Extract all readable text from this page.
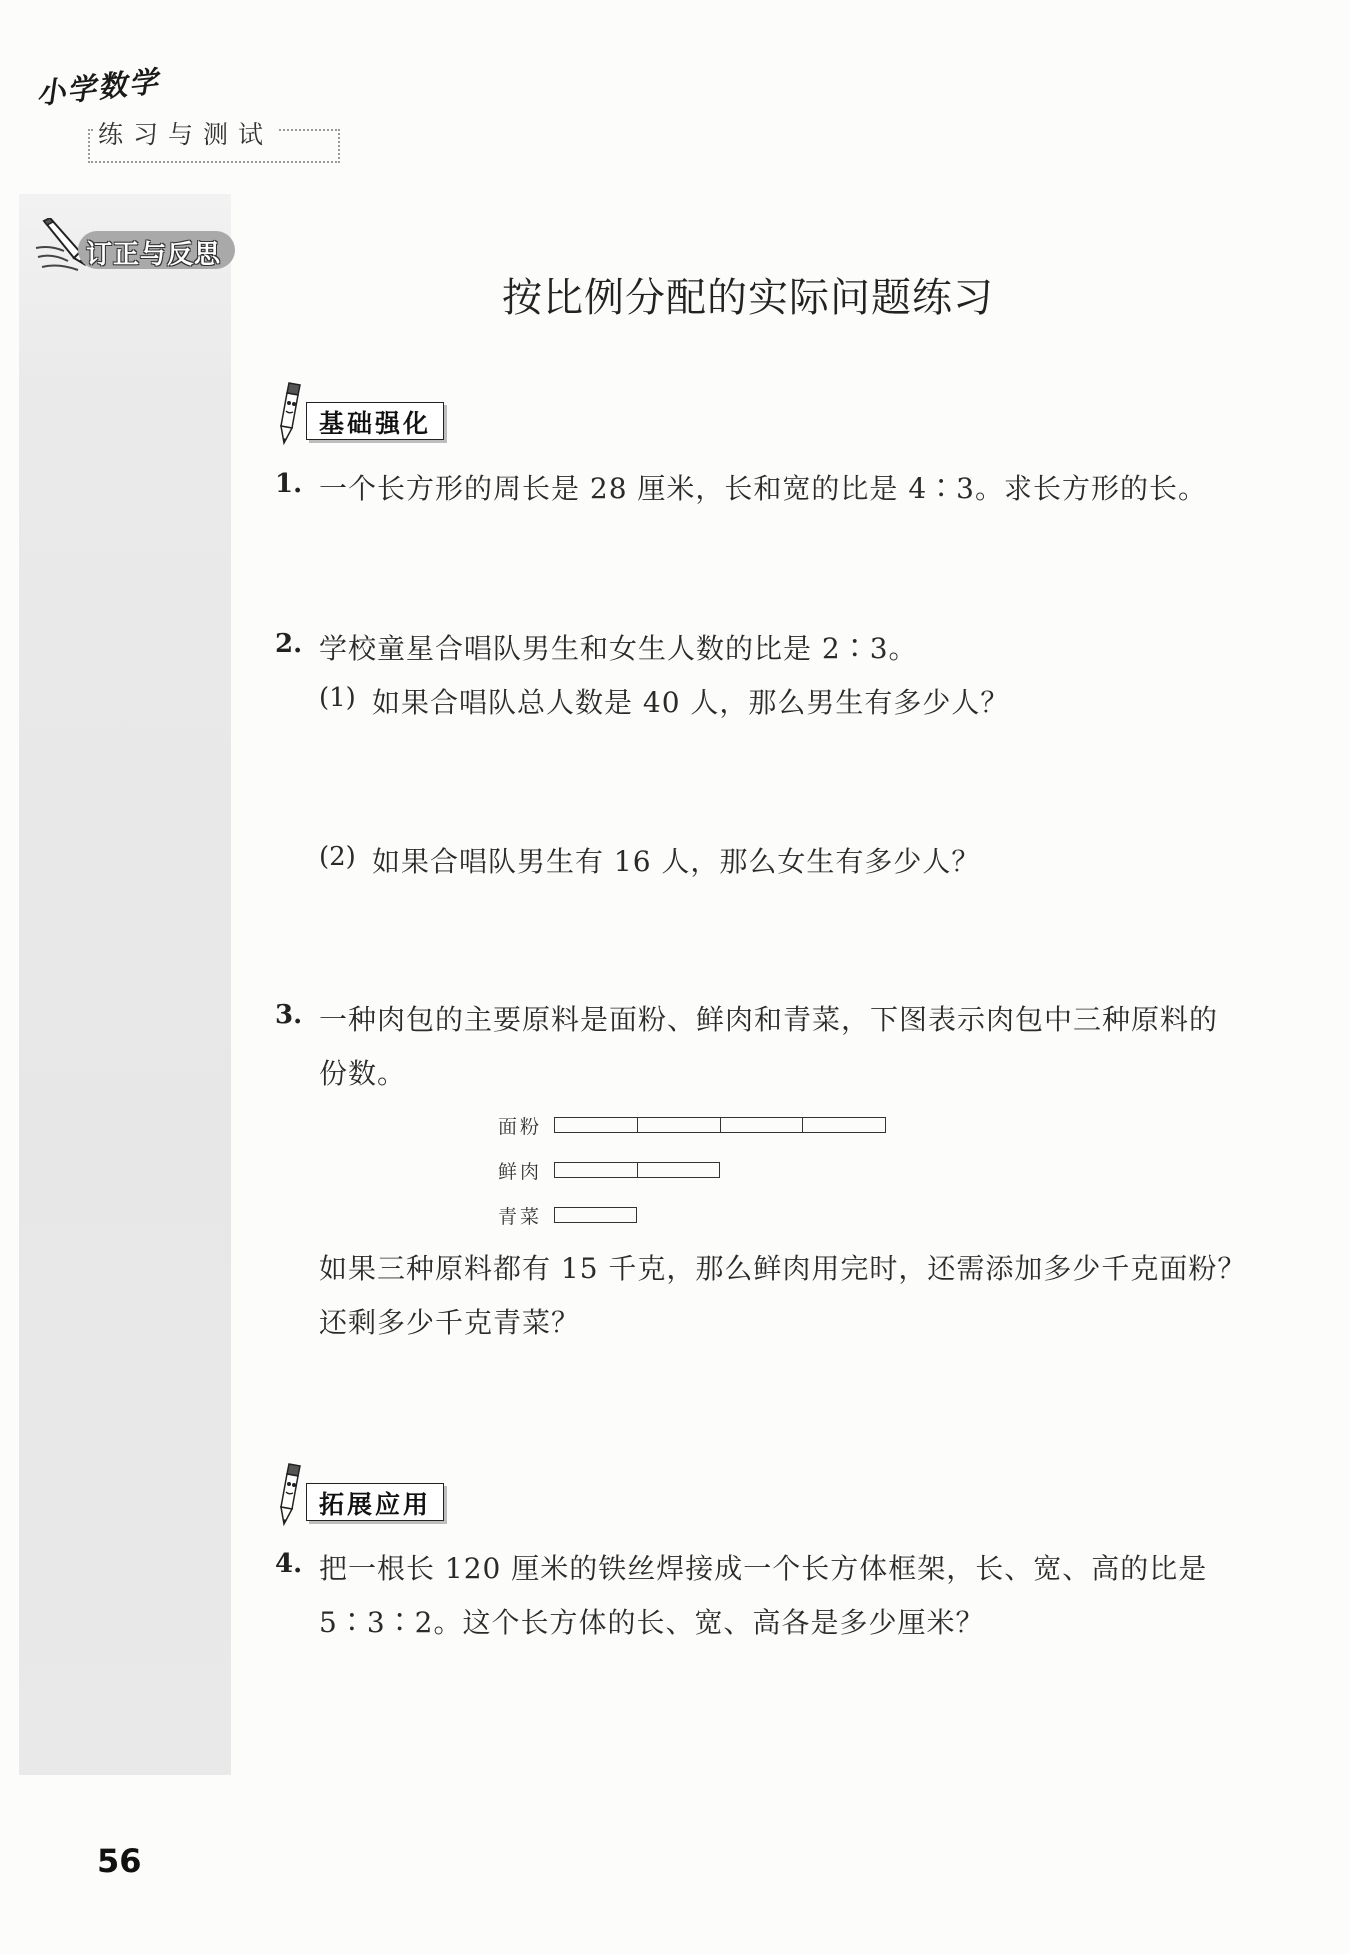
小学数学
练习与测试
订正与反思
按比例分配的实际问题练习
基础强化
1. 一个长方形的周长是 28 厘米，长和宽的比是 4∶3。求长方形的长。
2. 学校童星合唱队男生和女生人数的比是 2∶3。
(1) 如果合唱队总人数是 40 人，那么男生有多少人？
(2) 如果合唱队男生有 16 人，那么女生有多少人？
3. 一种肉包的主要原料是面粉、鲜肉和青菜，下图表示肉包中三种原料的
份数。
面粉
鲜肉
青菜
如果三种原料都有 15 千克，那么鲜肉用完时，还需添加多少千克面粉？
还剩多少千克青菜？
拓展应用
4. 把一根长 120 厘米的铁丝焊接成一个长方体框架，长、宽、高的比是
5∶3∶2。这个长方体的长、宽、高各是多少厘米？
56
